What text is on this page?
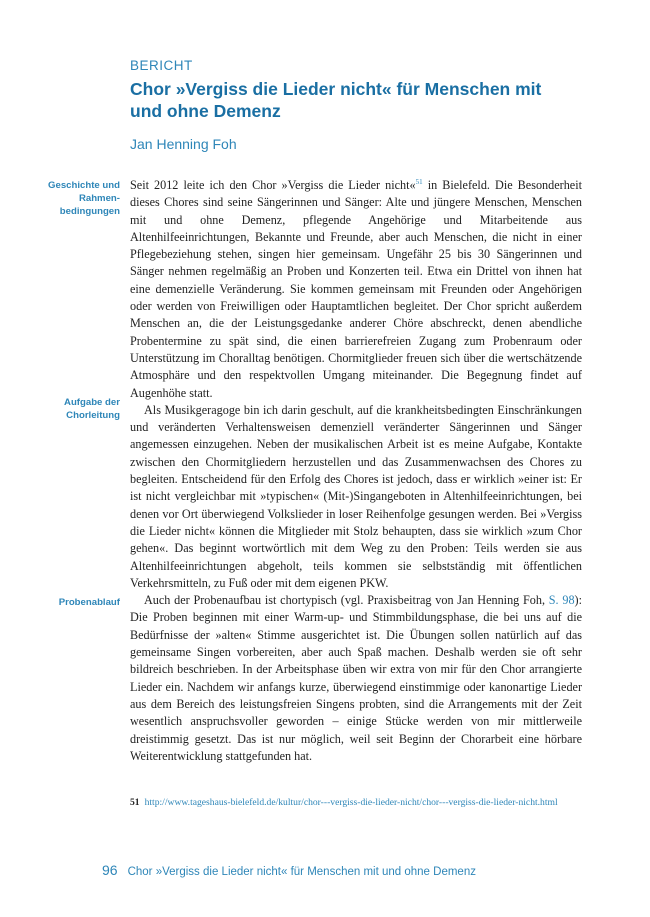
BERICHT
Chor »Vergiss die Lieder nicht« für Menschen mit und ohne Demenz
Jan Henning Foh
Geschichte und Rahmenbedingungen
Aufgabe der Chorleitung
Probenablauf

Seit 2012 leite ich den Chor »Vergiss die Lieder nicht«$^{51}$ in Bielefeld. Die Besonderheit dieses Chores sind seine Sängerinnen und Sänger: Alte und jüngere Menschen, Menschen mit und ohne Demenz, pflegende Angehörige und Mitarbeitende aus Altenhilfeeinrichtungen, Bekannte und Freunde, aber auch Menschen, die nicht in einer Pflegebeziehung stehen, singen hier gemeinsam. Ungefähr 25 bis 30 Sängerinnen und Sänger nehmen regelmäßig an Proben und Konzerten teil. Etwa ein Drittel von ihnen hat eine demenzielle Veränderung. Sie kommen gemeinsam mit Freunden oder Angehörigen oder werden von Freiwilligen oder Hauptamtlichen begleitet. Der Chor spricht außerdem Menschen an, die der Leistungsgedanke anderer Chöre abschreckt, denen abendliche Probentermine zu spät sind, die einen barrierefreien Zugang zum Probenraum oder Unterstützung im Choralltag benötigen. Chormitglieder freuen sich über die wertschätzende Atmosphäre und den respektvollen Umgang miteinander. Die Begegnung findet auf Augenhöhe statt.

Als Musikgeragoge bin ich darin geschult, auf die krankheitsbedingten Einschränkungen und veränderten Verhaltensweisen demenziell veränderter Sängerinnen und Sänger angemessen einzugehen. Neben der musikalischen Arbeit ist es meine Aufgabe, Kontakte zwischen den Chormitgliedern herzustellen und das Zusammenwachsen des Chores zu begleiten. Entscheidend für den Erfolg des Chores ist jedoch, dass er wirklich »einer ist: Er ist nicht vergleichbar mit »typischen« (Mit-)Singangeboten in Altenhilfeeinrichtungen, bei denen vor Ort überwiegend Volkslieder in loser Reihenfolge gesungen werden. Bei »Vergiss die Lieder nicht« können die Mitglieder mit Stolz behaupten, dass sie wirklich »zum Chor gehen«. Das beginnt wortwörtlich mit dem Weg zu den Proben: Teils werden sie aus Altenhilfeeinrichtungen abgeholt, teils kommen sie selbstständig mit öffentlichen Verkehrsmitteln, zu Fuß oder mit dem eigenen PKW.

Auch der Probenaufbau ist chortypisch (vgl. Praxisbeitrag von Jan Henning Foh, S. 98): Die Proben beginnen mit einer Warm-up- und Stimmbildungsphase, die bei uns auf die Bedürfnisse der »alten« Stimme ausgerichtet ist. Die Übungen sollen natürlich auf das gemeinsame Singen vorbereiten, aber auch Spaß machen. Deshalb werden sie oft sehr bildreich beschrieben. In der Arbeitsphase üben wir extra von mir für den Chor arrangierte Lieder ein. Nachdem wir anfangs kurze, überwiegend einstimmige oder kanonartige Lieder aus dem Bereich des leistungsfreien Singens probten, sind die Arrangements mit der Zeit wesentlich anspruchsvoller geworden – einige Stücke werden von mir mittlerweile dreistimmig gesetzt. Das ist nur möglich, weil seit Beginn der Chorarbeit eine hörbare Weiterentwicklung stattgefunden hat.

51 http://www.tageshaus-bielefeld.de/kultur/chor---vergiss-die-lieder-nicht/chor---vergiss-die-lieder-nicht.html
96 Chor »Vergiss die Lieder nicht« für Menschen mit und ohne Demenz
